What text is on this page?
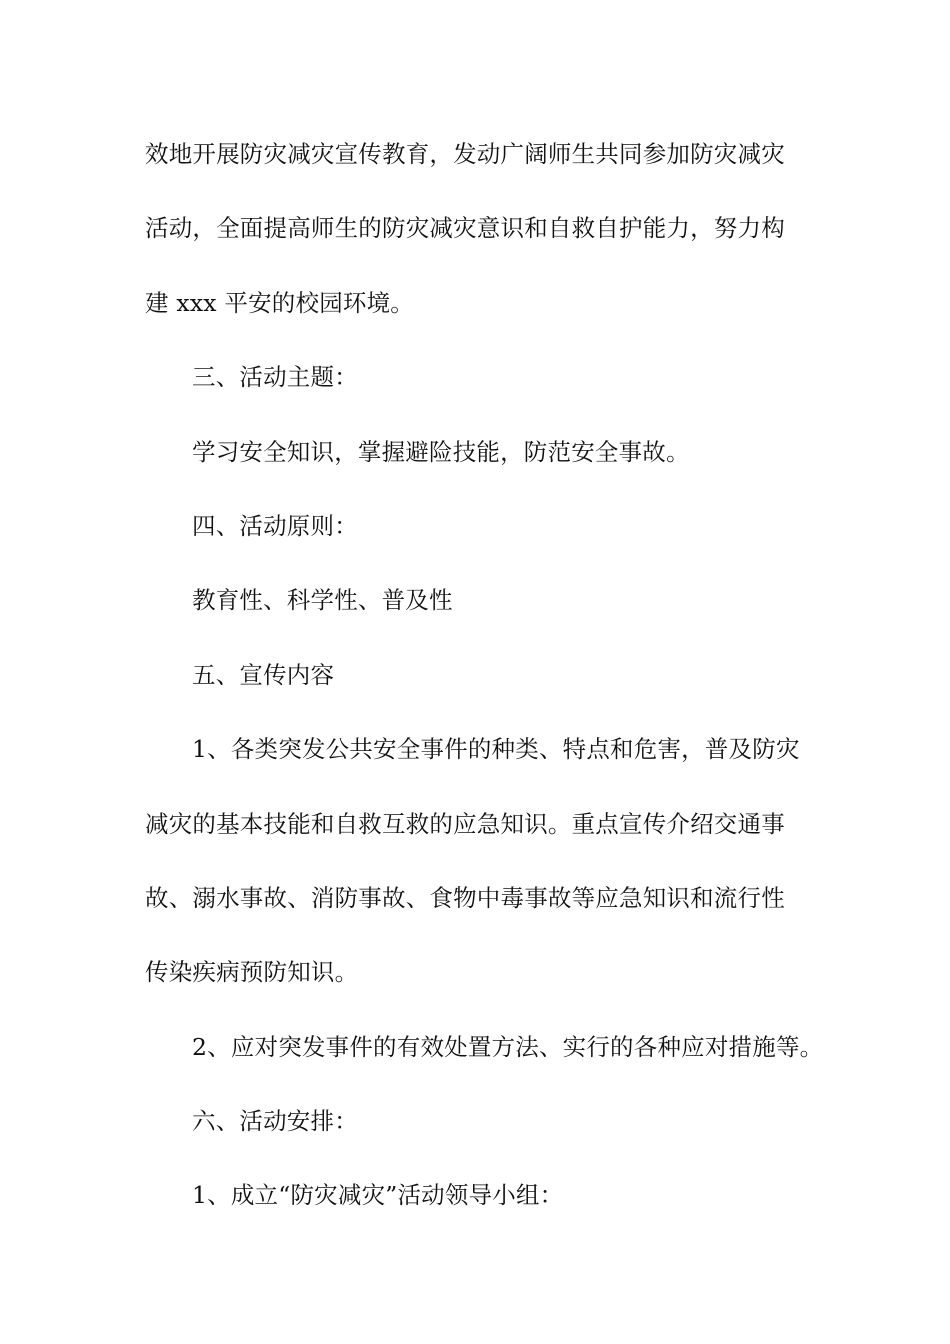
效地开展防灾减灾宣传教育，发动广阔师生共同参加防灾减灾
活动，全面提高师生的防灾减灾意识和自救自护能力，努力构
建 xxx 平安的校园环境。
三、活动主题：
学习安全知识，掌握避险技能，防范安全事故。
四、活动原则：
教育性、科学性、普及性
五、宣传内容
1、各类突发公共安全事件的种类、特点和危害，普及防灾
减灾的基本技能和自救互救的应急知识。重点宣传介绍交通事
故、溺水事故、消防事故、食物中毒事故等应急知识和流行性
传染疾病预防知识。
2、应对突发事件的有效处置方法、实行的各种应对措施等。
六、活动安排：
1、成立“防灾减灾”活动领导小组：
